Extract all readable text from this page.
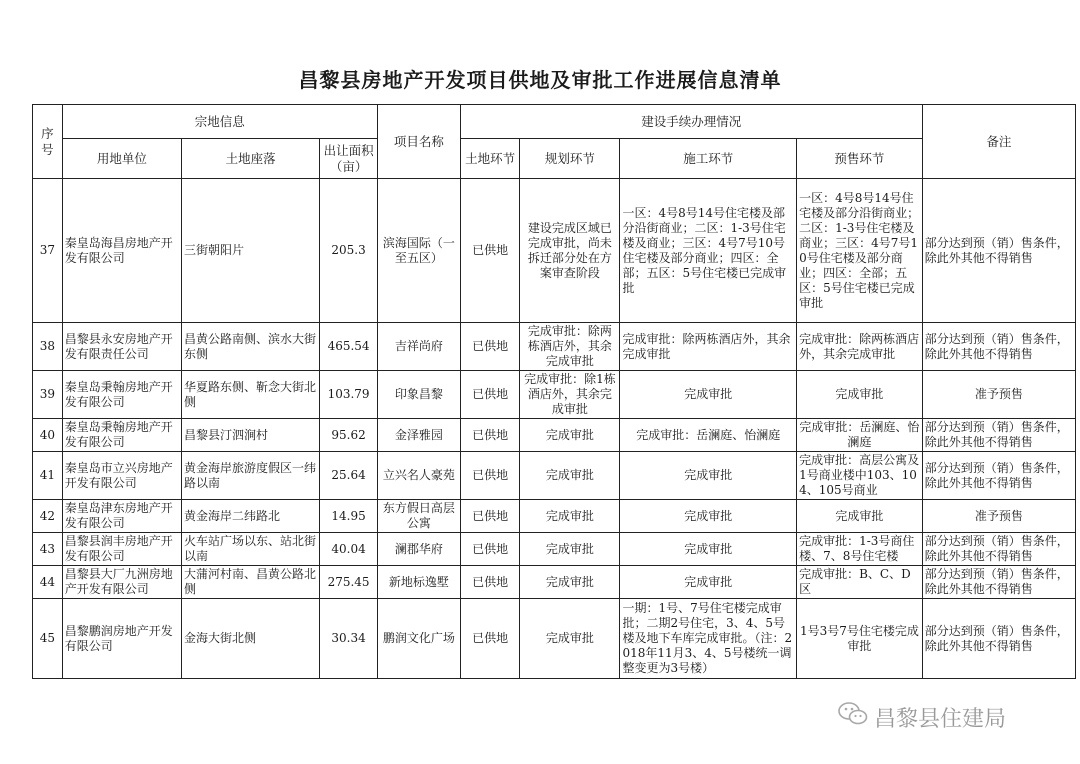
昌黎县房地产开发项目供地及审批工作进展信息清单
序号	宗地信息			项目名称	建设手续办理情况				备注
	用地单位	土地座落	出让面积（亩）		土地环节	规划环节	施工环节	预售环节	
37	秦皇岛海昌房地产开发有限公司	三街朝阳片	205.3	滨海国际（一至五区）	已供地	建设完成区域已完成审批，尚未拆迁部分处在方案审查阶段	一区：4号8号14号住宅楼及部分沿街商业；二区：1-3号住宅楼及商业；三区：4号7号10号住宅楼及部分商业；四区：全部；五区：5号住宅楼已完成审批	一区：4号8号14号住宅楼及部分沿街商业；二区：1-3号住宅楼及商业；三区：4号7号10号住宅楼及部分商业；四区：全部；五区：5号住宅楼已完成审批	部分达到预（销）售条件，除此外其他不得销售
38	昌黎县永安房地产开发有限责任公司	昌黄公路南侧、滨水大街东侧	465.54	吉祥尚府	已供地	完成审批：除两栋酒店外，其余完成审批	完成审批：除两栋酒店外，其余完成审批	完成审批：除两栋酒店外，其余完成审批	部分达到预（销）售条件，除此外其他不得销售
39	秦皇岛秉翰房地产开发有限公司	华夏路东侧、靳念大街北侧	103.79	印象昌黎	已供地	完成审批：除1栋酒店外，其余完成审批	完成审批	完成审批	准予预售
40	秦皇岛秉翰房地产开发有限公司	昌黎县汀泗涧村	95.62	金泽雅园	已供地	完成审批	完成审批：岳澜庭、怡澜庭	完成审批：岳澜庭、怡澜庭	部分达到预（销）售条件，除此外其他不得销售
41	秦皇岛市立兴房地产开发有限公司	黄金海岸旅游度假区一纬路以南	25.64	立兴名人豪苑	已供地	完成审批	完成审批	完成审批：高层公寓及1号商业楼中103、104、105号商业	部分达到预（销）售条件，除此外其他不得销售
42	秦皇岛津东房地产开发有限公司	黄金海岸二纬路北	14.95	东方假日高层公寓	已供地	完成审批	完成审批	完成审批	准予预售
43	昌黎县润丰房地产开发有限公司	火车站广场以东、站北街以南	40.04	澜郡华府	已供地	完成审批	完成审批	完成审批：1-3号商住楼、7、8号住宅楼	部分达到预（销）售条件，除此外其他不得销售
44	昌黎县大厂九洲房地产开发有限公司	大蒲河村南、昌黄公路北侧	275.45	新地标逸墅	已供地	完成审批	完成审批	完成审批：B、C、D区	部分达到预（销）售条件，除此外其他不得销售
45	昌黎鹏润房地产开发有限公司	金海大街北侧	30.34	鹏润文化广场	已供地	完成审批	一期：1号、7号住宅楼完成审批；二期2号住宅，3、4、5号楼及地下车库完成审批。（注：2018年11月3、4、5号楼统一调整变更为3号楼）	1号3号7号住宅楼完成审批	部分达到预（销）售条件，除此外其他不得销售
昌黎县住建局
